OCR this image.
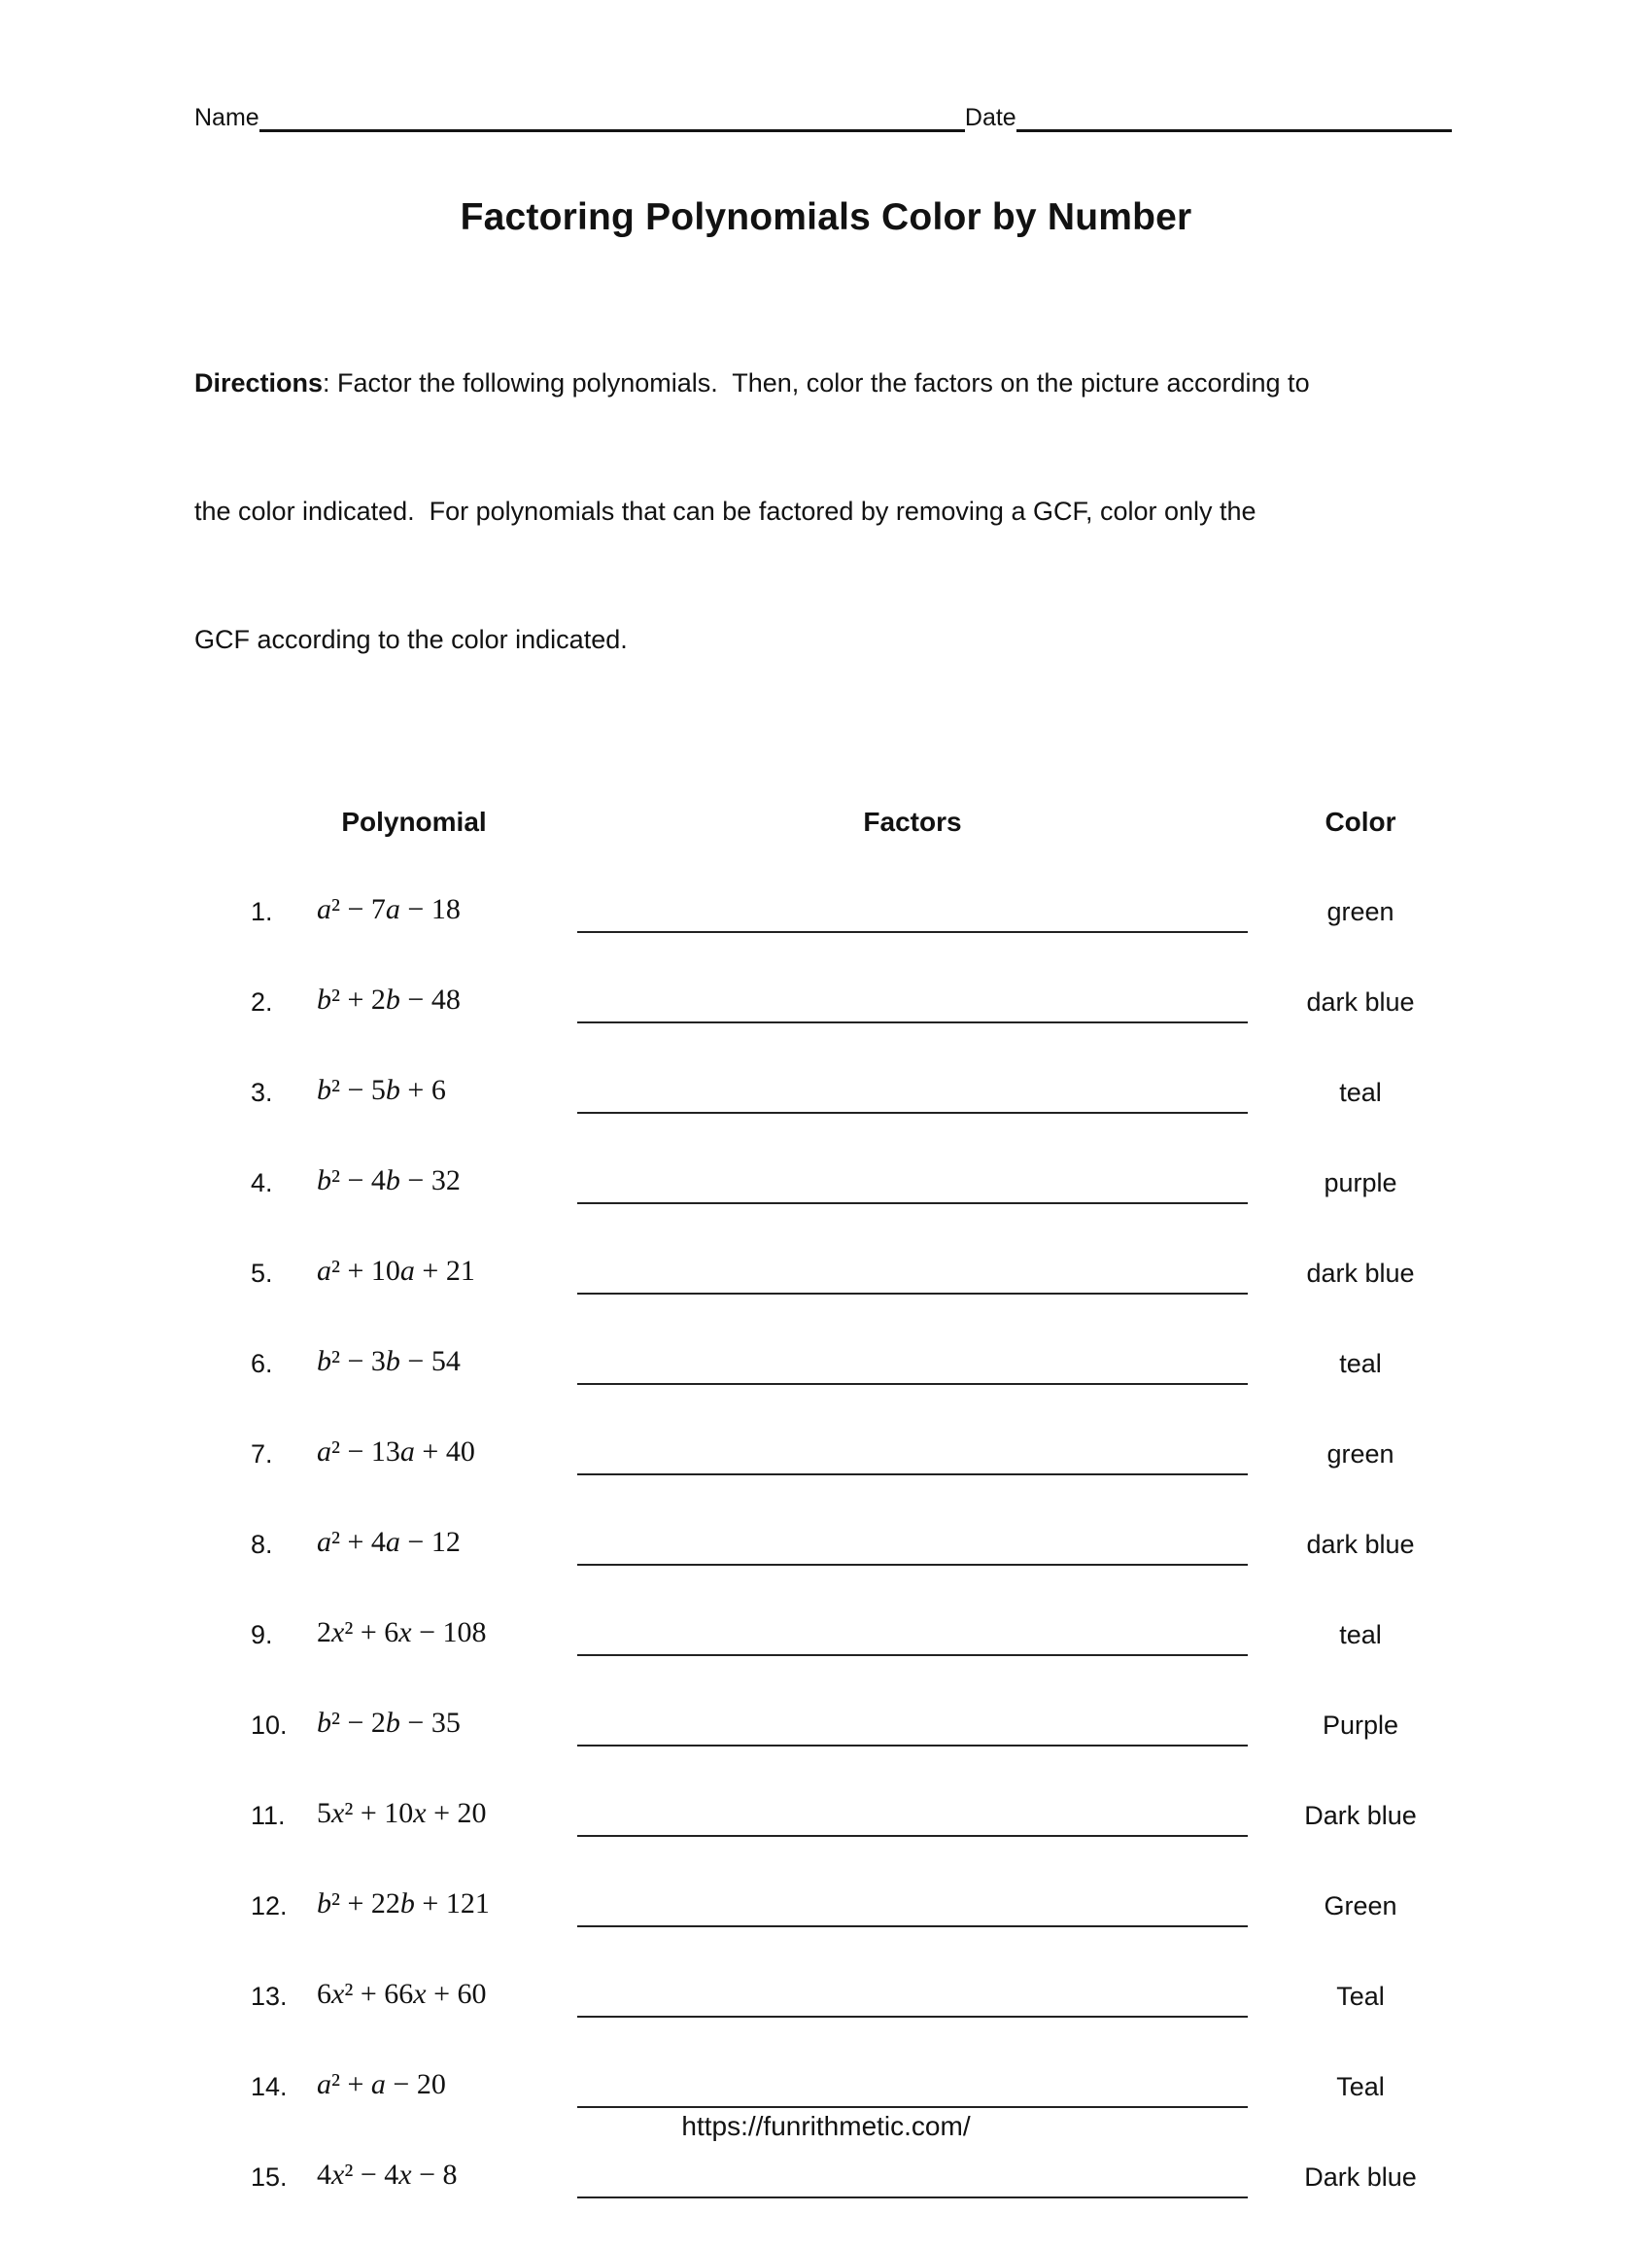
Name	Date
Factoring Polynomials Color by Number

Directions: Factor the following polynomials.  Then, color the factors on the picture according to

the color indicated.  For polynomials that can be factored by removing a GCF, color only the

GCF according to the color indicated.

Polynomial	Factors	Color
1.	a² − 7a − 18	green
2.	b² + 2b − 48	dark blue
3.	b² − 5b + 6	teal
4.	b² − 4b − 32	purple
5.	a² + 10a + 21	dark blue
6.	b² − 3b − 54	teal
7.	a² − 13a + 40	green
8.	a² + 4a − 12	dark blue
9.	2x² + 6x − 108	teal
10.	b² − 2b − 35	Purple
11.	5x² + 10x + 20	Dark blue
12.	b² + 22b + 121	Green
13.	6x² + 66x + 60	Teal
14.	a² + a − 20	Teal
15.	4x² − 4x − 8	Dark blue
https://funrithmetic.com/
